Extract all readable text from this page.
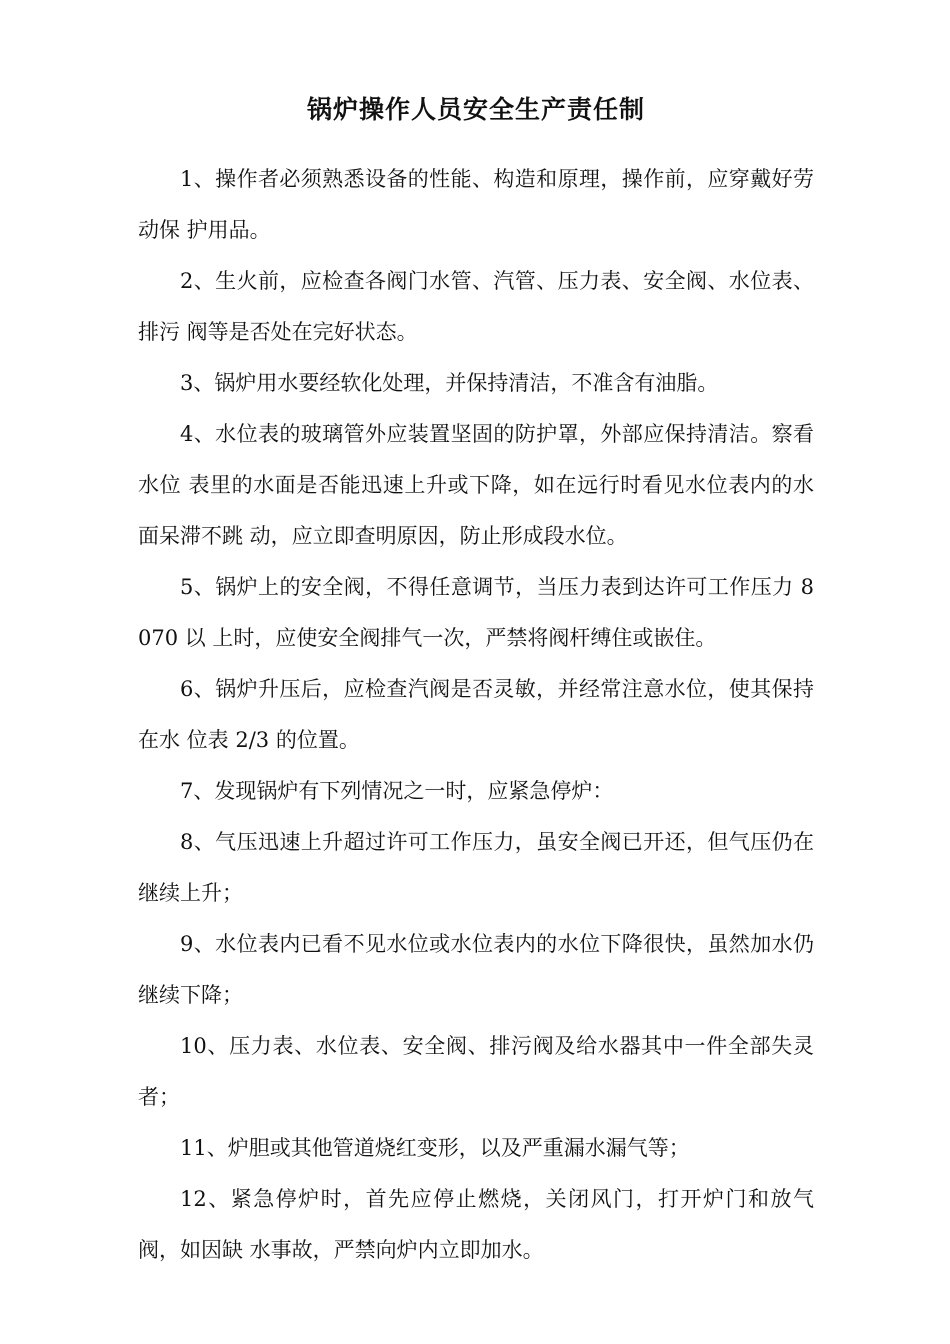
锅炉操作人员安全生产责任制

1、操作者必须熟悉设备的性能、构造和原理，操作前，应穿戴好劳动保 护用品。

2、生火前，应检查各阀门水管、汽管、压力表、安全阀、水位表、排污 阀等是否处在完好状态。

3、锅炉用水要经软化处理，并保持清洁，不准含有油脂。

4、水位表的玻璃管外应装置坚固的防护罩，外部应保持清洁。察看水位 表里的水面是否能迅速上升或下降，如在远行时看见水位表内的水面呆滞不跳 动，应立即查明原因，防止形成段水位。

5、锅炉上的安全阀，不得任意调节，当压力表到达许可工作压力 8070 以 上时，应使安全阀排气一次，严禁将阀杆缚住或嵌住。

6、锅炉升压后，应检查汽阀是否灵敏，并经常注意水位，使其保持在水 位表 2/3 的位置。

7、发现锅炉有下列情况之一时，应紧急停炉：

8、气压迅速上升超过许可工作压力，虽安全阀已开还，但气压仍在继续上升；

9、水位表内已看不见水位或水位表内的水位下降很快，虽然加水仍继续下降；

10、压力表、水位表、安全阀、排污阀及给水器其中一件全部失灵者；

11、炉胆或其他管道烧红变形，以及严重漏水漏气等；

12、紧急停炉时，首先应停止燃烧，关闭风门，打开炉门和放气阀，如因缺 水事故，严禁向炉内立即加水。
